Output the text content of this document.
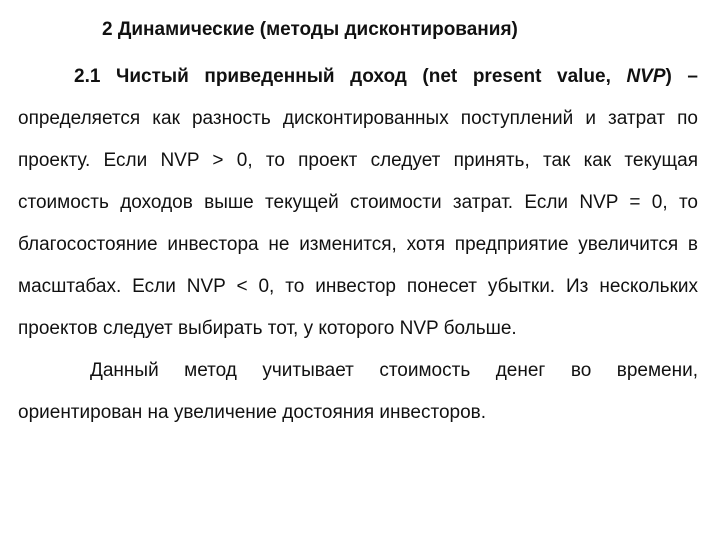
2 Динамические (методы дисконтирования)

2.1 Чистый приведенный доход (net present value, NVP) – определяется как разность дисконтированных поступлений и затрат по проекту. Если NVP > 0, то проект следует принять, так как текущая стоимость доходов выше текущей стоимости затрат. Если NVP = 0, то благосостояние инвестора не изменится, хотя предприятие увеличится в масштабах. Если NVP < 0, то инвестор понесет убытки. Из нескольких проектов следует выбирать тот, у которого NVP больше.

Данный метод учитывает стоимость денег во времени, ориентирован на увеличение достояния инвесторов.
